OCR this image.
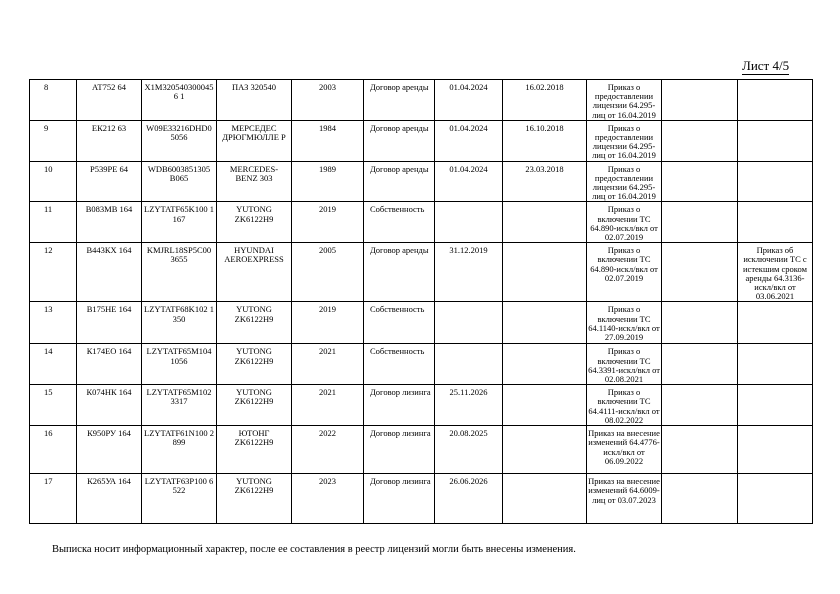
Лист 4/5
8	АТ752 64	X1M3205403000456 1	ПАЗ 320540	2003	Договор аренды	01.04.2024	16.02.2018	Приказ о предоставлении лицензии 64.295-лиц от 16.04.2019		
9	ЕК212 63	W09E33216DHD0 5056	МЕРСЕДЕС ДРЮГМЮЛЛЕ Р	1984	Договор аренды	01.04.2024	16.10.2018	Приказ о предоставлении лицензии 64.295-лиц от 16.04.2019		
10	Р539РЕ 64	WDB6003851305 B065	MERCEDES-BENZ 303	1989	Договор аренды	01.04.2024	23.03.2018	Приказ о предоставлении лицензии 64.295-лиц от 16.04.2019		
11	В083МВ 164	LZYTATF65K100 1167	YUTONG ZK6122H9	2019	Собственность			Приказ о включении ТС 64.890-искл/вкл от 02.07.2019		
12	В443КХ 164	KMJRL18SP5C00 3655	HYUNDAI AEROEXPRESS	2005	Договор аренды	31.12.2019		Приказ о включении ТС 64.890-искл/вкл от 02.07.2019		Приказ об исключении ТС с истекшим сроком аренды 64.3136-искл/вкл от 03.06.2021
13	В175НЕ 164	LZYTATF68K102 1350	YUTONG ZK6122H9	2019	Собственность			Приказ о включении ТС 64.1140-искл/вкл от 27.09.2019		
14	К174ЕО 164	LZYTATF65M104 1056	YUTONG ZK6122H9	2021	Собственность			Приказ о включении ТС 64.3391-искл/вкл от 02.08.2021		
15	К074НК 164	LZYTATF65M102 3317	YUTONG ZK6122H9	2021	Договор лизинга	25.11.2026		Приказ о включении ТС 64.4111-искл/вкл от 08.02.2022		
16	К950РУ 164	LZYTATF61N100 2899	ЮТОНГ ZK6122H9	2022	Договор лизинга	20.08.2025		Приказ на внесение изменений 64.4776-искл/вкл от 06.09.2022		
17	К265УА 164	LZYTATF63P100 6522	YUTONG ZK6122H9	2023	Договор лизинга	26.06.2026		Приказ на внесение изменений 64.6009-лиц от 03.07.2023		
Выписка носит информационный характер, после ее составления в реестр лицензий могли быть внесены изменения.
